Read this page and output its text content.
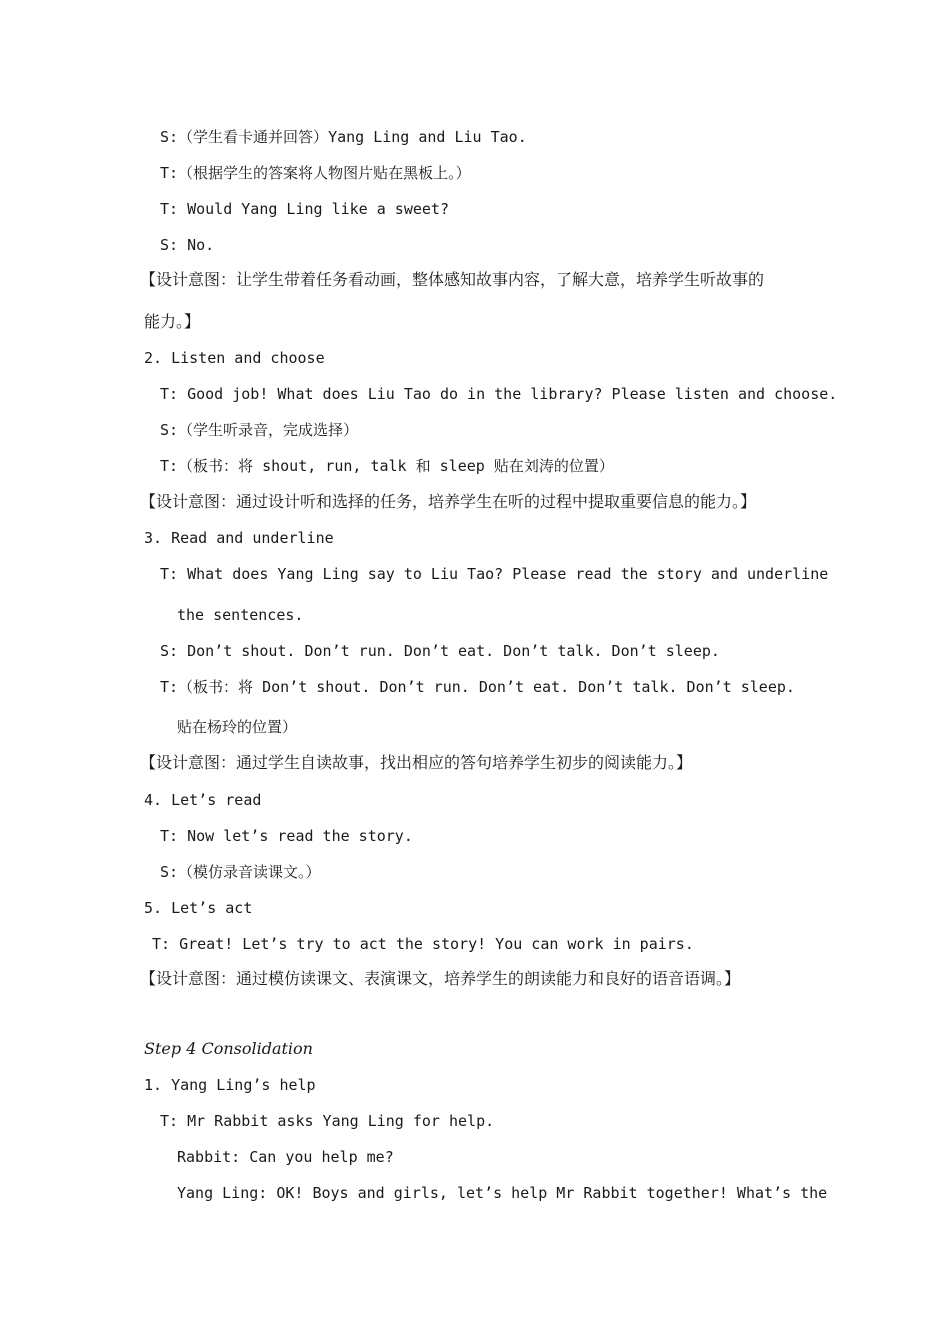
S:（学生看卡通并回答）Yang Ling and Liu Tao.
T:（根据学生的答案将人物图片贴在黑板上。）
T: Would Yang Ling like a sweet?
S: No.
【设计意图：让学生带着任务看动画，整体感知故事内容，了解大意，培养学生听故事的
能力。】
2. Listen and choose
T: Good job! What does Liu Tao do in the library? Please listen and choose.
S:（学生听录音，完成选择）
T:（板书：将 shout, run, talk 和 sleep 贴在刘涛的位置）
【设计意图：通过设计听和选择的任务，培养学生在听的过程中提取重要信息的能力。】
3. Read and underline
T: What does Yang Ling say to Liu Tao? Please read the story and underline
the sentences.
S: Don’t shout. Don’t run. Don’t eat. Don’t talk. Don’t sleep.
T:（板书：将 Don’t shout. Don’t run. Don’t eat. Don’t talk. Don’t sleep.
贴在杨玲的位置）
【设计意图：通过学生自读故事，找出相应的答句培养学生初步的阅读能力。】
4. Let’s read
T: Now let’s read the story.
S:（模仿录音读课文。）
5. Let’s act
T: Great! Let’s try to act the story! You can work in pairs.
【设计意图：通过模仿读课文、表演课文，培养学生的朗读能力和良好的语音语调。】
Step 4 Consolidation
1. Yang Ling’s help
T: Mr Rabbit asks Yang Ling for help.
Rabbit: Can you help me?
Yang Ling: OK! Boys and girls, let’s help Mr Rabbit together! What’s the
